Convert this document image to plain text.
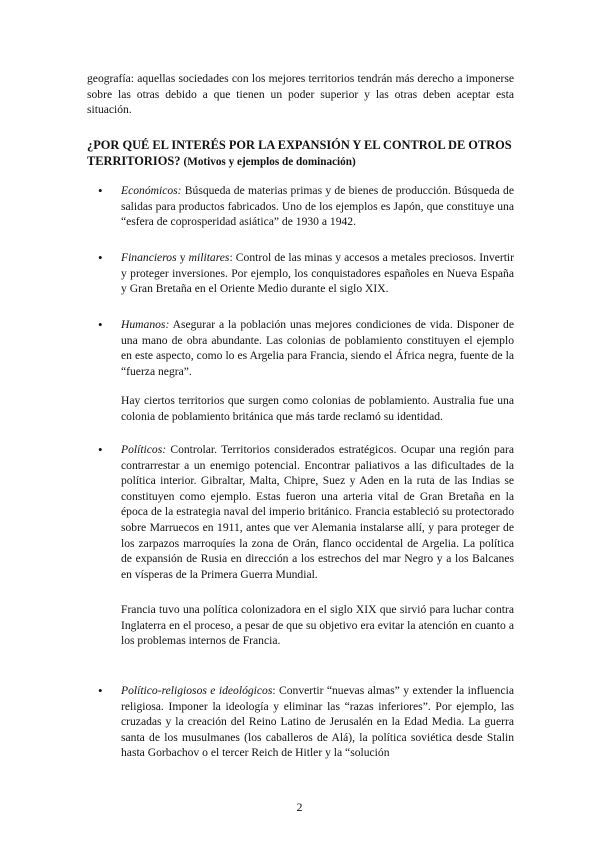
geografía: aquellas sociedades con los mejores territorios tendrán más derecho a imponerse sobre las otras debido a que tienen un poder superior y las otras deben aceptar esta situación.

¿POR QUÉ EL INTERÉS POR LA EXPANSIÓN Y EL CONTROL DE OTROS TERRITORIOS? (Motivos y ejemplos de dominación)

• Económicos: Búsqueda de materias primas y de bienes de producción. Búsqueda de salidas para productos fabricados. Uno de los ejemplos es Japón, que constituye una “esfera de coprosperidad asiática” de 1930 a 1942.

• Financieros y militares: Control de las minas y accesos a metales preciosos. Invertir y proteger inversiones. Por ejemplo, los conquistadores españoles en Nueva España y Gran Bretaña en el Oriente Medio durante el siglo XIX.

• Humanos: Asegurar a la población unas mejores condiciones de vida. Disponer de una mano de obra abundante. Las colonias de poblamiento constituyen el ejemplo en este aspecto, como lo es Argelia para Francia, siendo el África negra, fuente de la “fuerza negra”.

Hay ciertos territorios que surgen como colonias de poblamiento. Australia fue una colonia de poblamiento británica que más tarde reclamó su identidad.

• Políticos: Controlar. Territorios considerados estratégicos. Ocupar una región para contrarrestar a un enemigo potencial. Encontrar paliativos a las dificultades de la política interior. Gibraltar, Malta, Chipre, Suez y Aden en la ruta de las Indias se constituyen como ejemplo. Estas fueron una arteria vital de Gran Bretaña en la época de la estrategia naval del imperio británico. Francia estableció su protectorado sobre Marruecos en 1911, antes que ver Alemania instalarse allí, y para proteger de los zarpazos marroquíes la zona de Orán, flanco occidental de Argelia. La política de expansión de Rusia en dirección a los estrechos del mar Negro y a los Balcanes en vísperas de la Primera Guerra Mundial.

Francia tuvo una política colonizadora en el siglo XIX que sirvió para luchar contra Inglaterra en el proceso, a pesar de que su objetivo era evitar la atención en cuanto a los problemas internos de Francia.

• Político-religiosos e ideológicos: Convertir “nuevas almas” y extender la influencia religiosa. Imponer la ideología y eliminar las “razas inferiores”. Por ejemplo, las cruzadas y la creación del Reino Latino de Jerusalén en la Edad Media. La guerra santa de los musulmanes (los caballeros de Alá), la política soviética desde Stalin hasta Gorbachov o el tercer Reich de Hitler y la “solución

2
